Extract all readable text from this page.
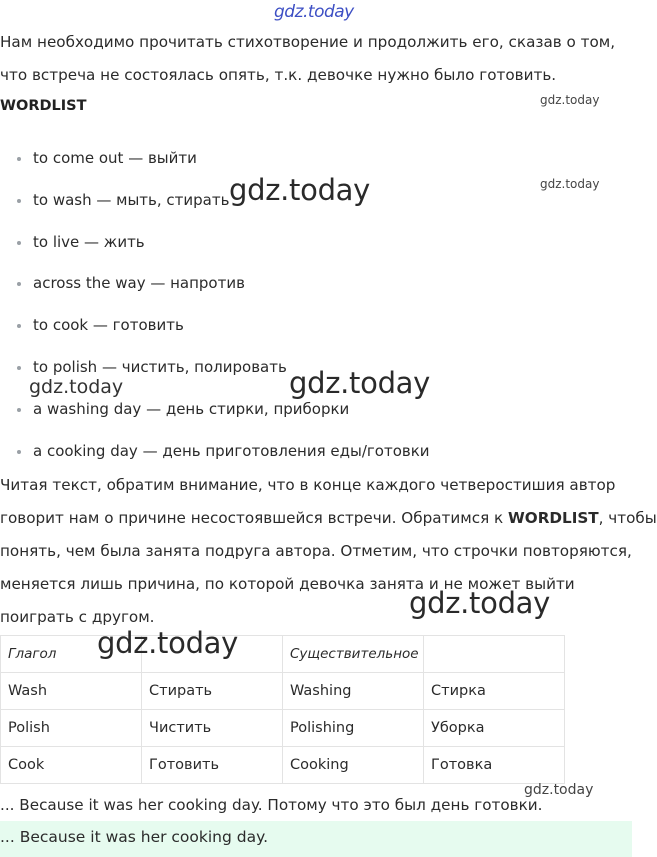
gdz.today
Нам необходимо прочитать стихотворение и продолжить его, сказав о том,
что встреча не состоялась опять, т.к. девочке нужно было готовить.
WORDLIST	gdz.today
to come out — выйти
to wash — мыть, стирать
to live — жить
across the way — напротив
to cook — готовить
to polish — чистить, полировать
a washing day — день стирки, приборки
a cooking day — день приготовления еды/готовки
gdz.today
gdz.today
gdz.today	gdz.today
Читая текст, обратим внимание, что в конце каждого четверостишия автор
говорит нам о причине несостоявшейся встречи. Обратимся к WORDLIST, чтобы
понять, чем была занята подруга автора. Отметим, что строчки повторяются,
меняется лишь причина, по которой девочка занята и не может выйти
поиграть с другом.	gdz.today
Глагол		Существительное	
Wash	Стирать	Washing	Стирка
Polish	Чистить	Polishing	Уборка
Cook	Готовить	Cooking	Готовка
gdz.today
gdz.today
... Because it was her cooking day. Потому что это был день готовки.
... Because it was her cooking day.
